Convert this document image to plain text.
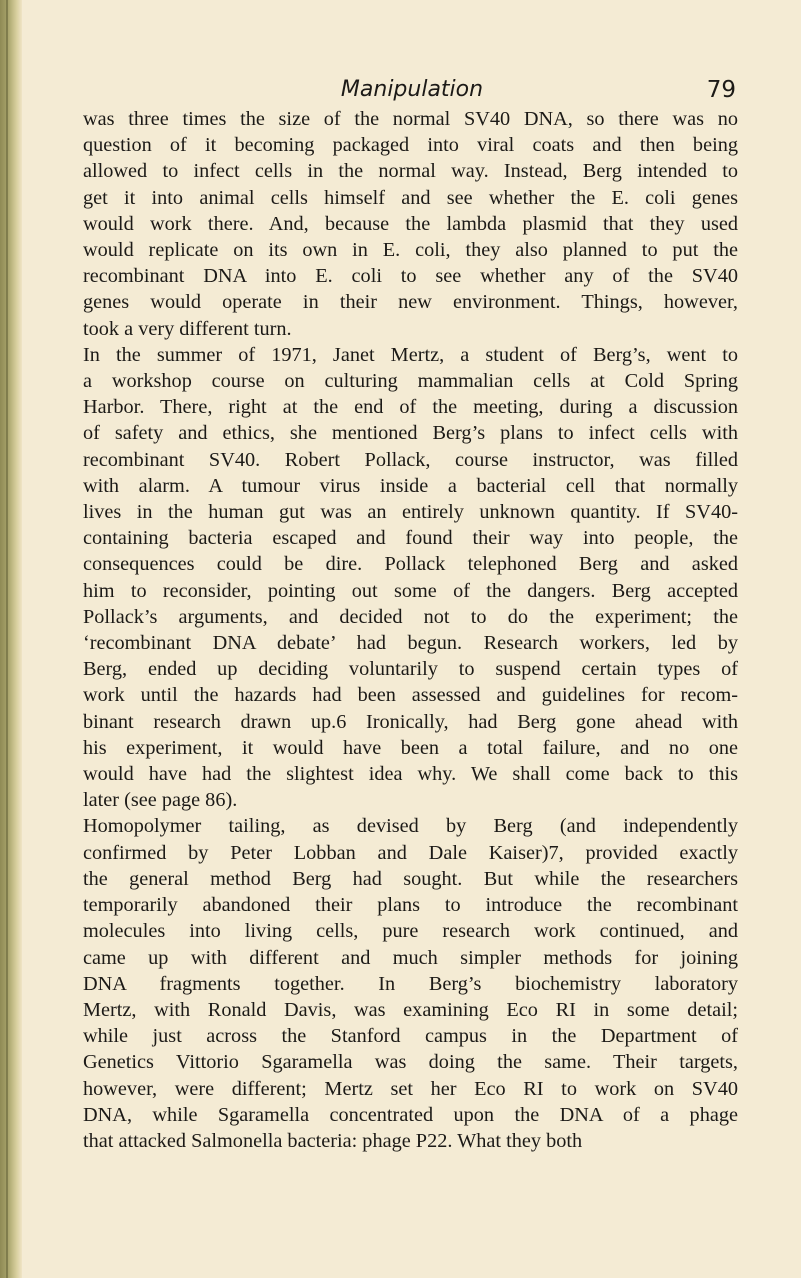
Manipulation	79

was three times the size of the normal SV40 DNA, so there was no
question of it becoming packaged into viral coats and then being
allowed to infect cells in the normal way. Instead, Berg intended to
get it into animal cells himself and see whether the E. coli genes
would work there. And, because the lambda plasmid that they used
would replicate on its own in E. coli, they also planned to put the
recombinant DNA into E. coli to see whether any of the SV40
genes would operate in their new environment. Things, however,
took a very different turn.

In the summer of 1971, Janet Mertz, a student of Berg’s, went to
a workshop course on culturing mammalian cells at Cold Spring
Harbor. There, right at the end of the meeting, during a discussion
of safety and ethics, she mentioned Berg’s plans to infect cells with
recombinant SV40. Robert Pollack, course instructor, was filled
with alarm. A tumour virus inside a bacterial cell that normally
lives in the human gut was an entirely unknown quantity. If SV40-
containing bacteria escaped and found their way into people, the
consequences could be dire. Pollack telephoned Berg and asked
him to reconsider, pointing out some of the dangers. Berg accepted
Pollack’s arguments, and decided not to do the experiment; the
‘recombinant DNA debate’ had begun. Research workers, led by
Berg, ended up deciding voluntarily to suspend certain types of
work until the hazards had been assessed and guidelines for recom-
binant research drawn up.6 Ironically, had Berg gone ahead with
his experiment, it would have been a total failure, and no one
would have had the slightest idea why. We shall come back to this
later (see page 86).

Homopolymer tailing, as devised by Berg (and independently
confirmed by Peter Lobban and Dale Kaiser)7, provided exactly
the general method Berg had sought. But while the researchers
temporarily abandoned their plans to introduce the recombinant
molecules into living cells, pure research work continued, and
came up with different and much simpler methods for joining
DNA fragments together. In Berg’s biochemistry laboratory
Mertz, with Ronald Davis, was examining Eco RI in some detail;
while just across the Stanford campus in the Department of
Genetics Vittorio Sgaramella was doing the same. Their targets,
however, were different; Mertz set her Eco RI to work on SV40
DNA, while Sgaramella concentrated upon the DNA of a phage
that attacked Salmonella bacteria: phage P22. What they both
